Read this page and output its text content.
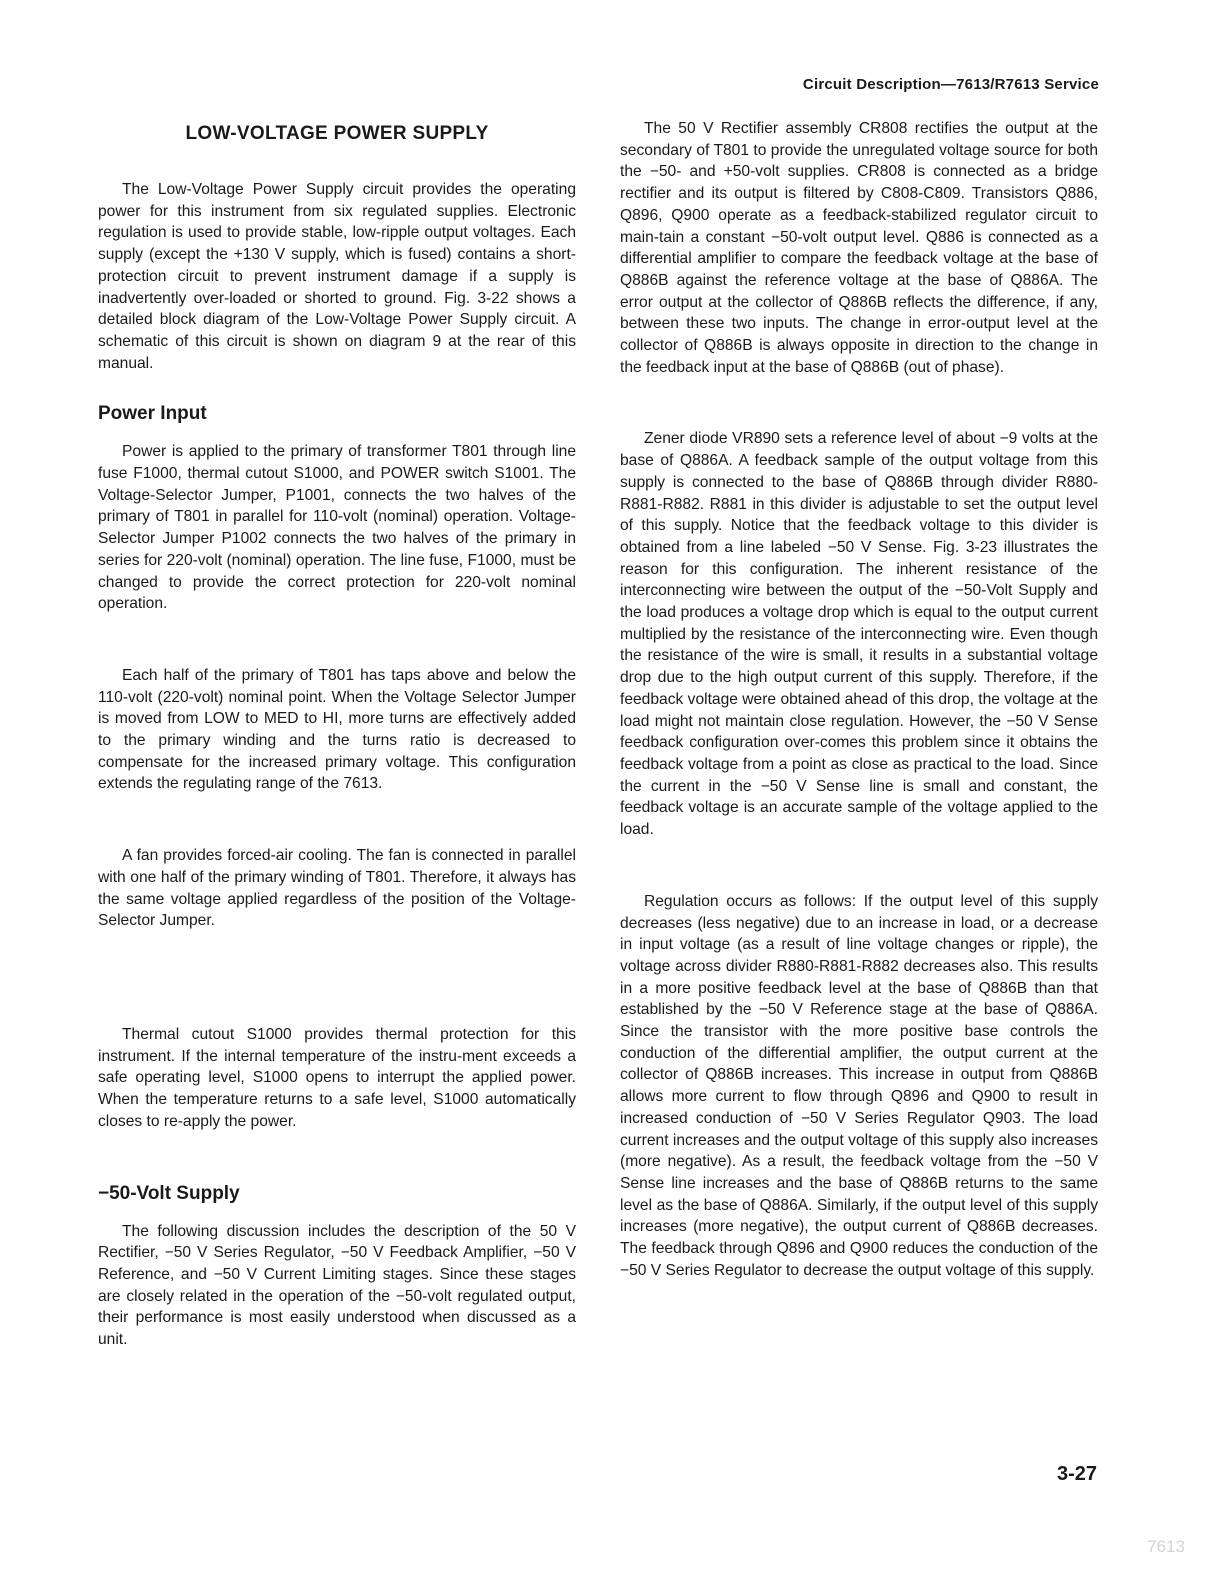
Circuit Description—7613/R7613 Service
LOW-VOLTAGE POWER SUPPLY

The Low-Voltage Power Supply circuit provides the operating power for this instrument from six regulated supplies. Electronic regulation is used to provide stable, low-ripple output voltages. Each supply (except the +130 V supply, which is fused) contains a short-protection circuit to prevent instrument damage if a supply is inadvertently over-loaded or shorted to ground. Fig. 3-22 shows a detailed block diagram of the Low-Voltage Power Supply circuit. A schematic of this circuit is shown on diagram 9 at the rear of this manual.

Power Input

Power is applied to the primary of transformer T801 through line fuse F1000, thermal cutout S1000, and POWER switch S1001. The Voltage-Selector Jumper, P1001, connects the two halves of the primary of T801 in parallel for 110-volt (nominal) operation. Voltage-Selector Jumper P1002 connects the two halves of the primary in series for 220-volt (nominal) operation. The line fuse, F1000, must be changed to provide the correct protection for 220-volt nominal operation.

Each half of the primary of T801 has taps above and below the 110-volt (220-volt) nominal point. When the Voltage Selector Jumper is moved from LOW to MED to HI, more turns are effectively added to the primary winding and the turns ratio is decreased to compensate for the increased primary voltage. This configuration extends the regulating range of the 7613.

A fan provides forced-air cooling. The fan is connected in parallel with one half of the primary winding of T801. Therefore, it always has the same voltage applied regardless of the position of the Voltage-Selector Jumper.

Thermal cutout S1000 provides thermal protection for this instrument. If the internal temperature of the instru-ment exceeds a safe operating level, S1000 opens to interrupt the applied power. When the temperature returns to a safe level, S1000 automatically closes to re-apply the power.

−50-Volt Supply

The following discussion includes the description of the 50 V Rectifier, −50 V Series Regulator, −50 V Feedback Amplifier, −50 V Reference, and −50 V Current Limiting stages. Since these stages are closely related in the operation of the −50-volt regulated output, their performance is most easily understood when discussed as a unit.

The 50 V Rectifier assembly CR808 rectifies the output at the secondary of T801 to provide the unregulated voltage source for both the −50- and +50-volt supplies. CR808 is connected as a bridge rectifier and its output is filtered by C808-C809. Transistors Q886, Q896, Q900 operate as a feedback-stabilized regulator circuit to main-tain a constant −50-volt output level. Q886 is connected as a differential amplifier to compare the feedback voltage at the base of Q886B against the reference voltage at the base of Q886A. The error output at the collector of Q886B reflects the difference, if any, between these two inputs. The change in error-output level at the collector of Q886B is always opposite in direction to the change in the feedback input at the base of Q886B (out of phase).

Zener diode VR890 sets a reference level of about −9 volts at the base of Q886A. A feedback sample of the output voltage from this supply is connected to the base of Q886B through divider R880-R881-R882. R881 in this divider is adjustable to set the output level of this supply. Notice that the feedback voltage to this divider is obtained from a line labeled −50 V Sense. Fig. 3-23 illustrates the reason for this configuration. The inherent resistance of the interconnecting wire between the output of the −50-Volt Supply and the load produces a voltage drop which is equal to the output current multiplied by the resistance of the interconnecting wire. Even though the resistance of the wire is small, it results in a substantial voltage drop due to the high output current of this supply. Therefore, if the feedback voltage were obtained ahead of this drop, the voltage at the load might not maintain close regulation. However, the −50 V Sense feedback configuration over-comes this problem since it obtains the feedback voltage from a point as close as practical to the load. Since the current in the −50 V Sense line is small and constant, the feedback voltage is an accurate sample of the voltage applied to the load.

Regulation occurs as follows: If the output level of this supply decreases (less negative) due to an increase in load, or a decrease in input voltage (as a result of line voltage changes or ripple), the voltage across divider R880-R881-R882 decreases also. This results in a more positive feedback level at the base of Q886B than that established by the −50 V Reference stage at the base of Q886A. Since the transistor with the more positive base controls the conduction of the differential amplifier, the output current at the collector of Q886B increases. This increase in output from Q886B allows more current to flow through Q896 and Q900 to result in increased conduction of −50 V Series Regulator Q903. The load current increases and the output voltage of this supply also increases (more negative). As a result, the feedback voltage from the −50 V Sense line increases and the base of Q886B returns to the same level as the base of Q886A. Similarly, if the output level of this supply increases (more negative), the output current of Q886B decreases. The feedback through Q896 and Q900 reduces the conduction of the −50 V Series Regulator to decrease the output voltage of this supply.

3-27
7613
